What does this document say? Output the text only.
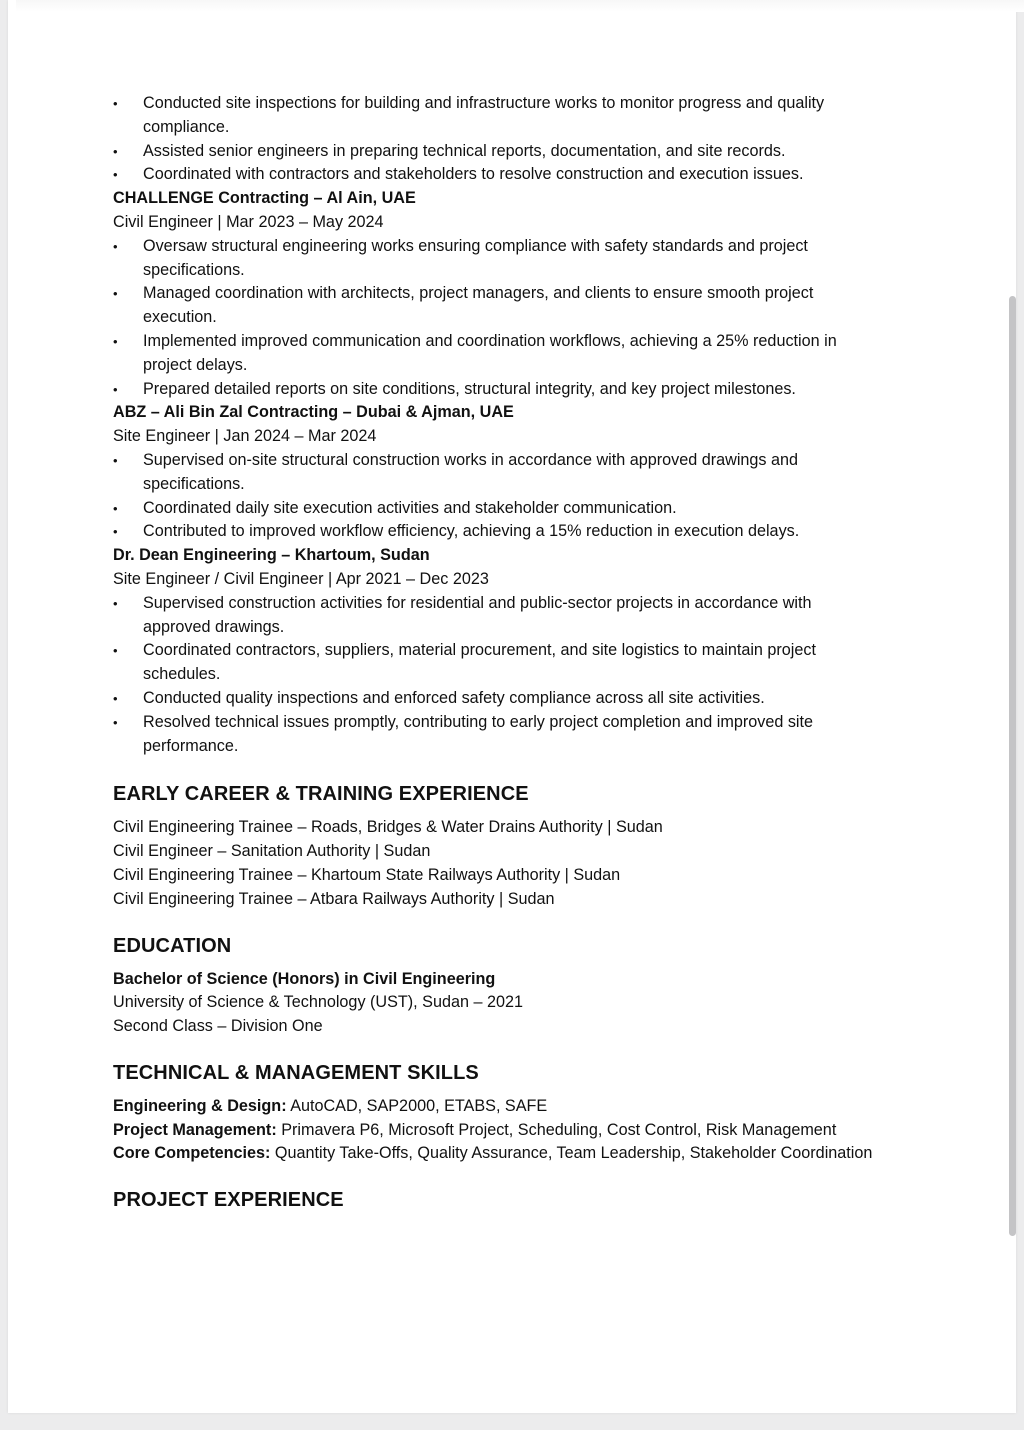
• Conducted site inspections for building and infrastructure works to monitor progress and quality compliance.
• Assisted senior engineers in preparing technical reports, documentation, and site records.
• Coordinated with contractors and stakeholders to resolve construction and execution issues.
CHALLENGE Contracting – Al Ain, UAE
Civil Engineer | Mar 2023 – May 2024
• Oversaw structural engineering works ensuring compliance with safety standards and project specifications.
• Managed coordination with architects, project managers, and clients to ensure smooth project execution.
• Implemented improved communication and coordination workflows, achieving a 25% reduction in project delays.
• Prepared detailed reports on site conditions, structural integrity, and key project milestones.
ABZ – Ali Bin Zal Contracting – Dubai & Ajman, UAE
Site Engineer | Jan 2024 – Mar 2024
• Supervised on-site structural construction works in accordance with approved drawings and specifications.
• Coordinated daily site execution activities and stakeholder communication.
• Contributed to improved workflow efficiency, achieving a 15% reduction in execution delays.
Dr. Dean Engineering – Khartoum, Sudan
Site Engineer / Civil Engineer | Apr 2021 – Dec 2023
• Supervised construction activities for residential and public-sector projects in accordance with approved drawings.
• Coordinated contractors, suppliers, material procurement, and site logistics to maintain project schedules.
• Conducted quality inspections and enforced safety compliance across all site activities.
• Resolved technical issues promptly, contributing to early project completion and improved site performance.
EARLY CAREER & TRAINING EXPERIENCE
Civil Engineering Trainee – Roads, Bridges & Water Drains Authority | Sudan
Civil Engineer – Sanitation Authority | Sudan
Civil Engineering Trainee – Khartoum State Railways Authority | Sudan
Civil Engineering Trainee – Atbara Railways Authority | Sudan
EDUCATION
Bachelor of Science (Honors) in Civil Engineering
University of Science & Technology (UST), Sudan – 2021
Second Class – Division One
TECHNICAL & MANAGEMENT SKILLS
Engineering & Design: AutoCAD, SAP2000, ETABS, SAFE
Project Management: Primavera P6, Microsoft Project, Scheduling, Cost Control, Risk Management
Core Competencies: Quantity Take-Offs, Quality Assurance, Team Leadership, Stakeholder Coordination
PROJECT EXPERIENCE
